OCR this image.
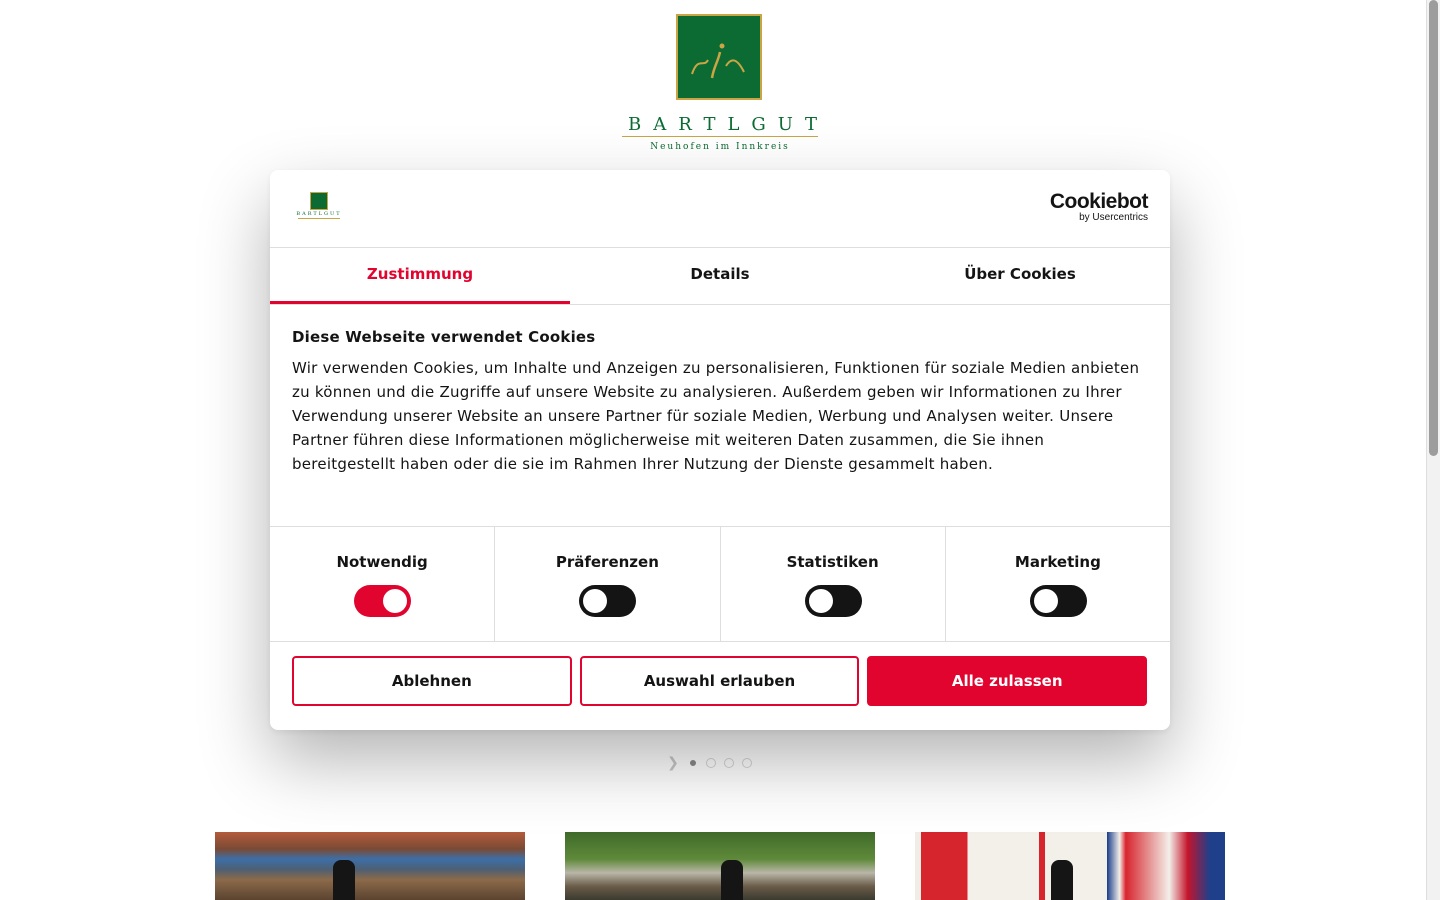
BARTLGUT
Neuhofen im Innkreis
❯
BARTLGUT
Cookiebot
by Usercentrics
Zustimmung	Details	Über Cookies
Diese Webseite verwendet Cookies

Wir verwenden Cookies, um Inhalte und Anzeigen zu personalisieren, Funktionen für soziale Medien anbieten zu können und die Zugriffe auf unsere Website zu analysieren. Außerdem geben wir Informationen zu Ihrer Verwendung unserer Website an unsere Partner für soziale Medien, Werbung und Analysen weiter. Unsere Partner führen diese Informationen möglicherweise mit weiteren Daten zusammen, die Sie ihnen bereitgestellt haben oder die sie im Rahmen Ihrer Nutzung der Dienste gesammelt haben.

Notwendig	Präferenzen	Statistiken	Marketing
Ablehnen	Auswahl erlauben	Alle zulassen
